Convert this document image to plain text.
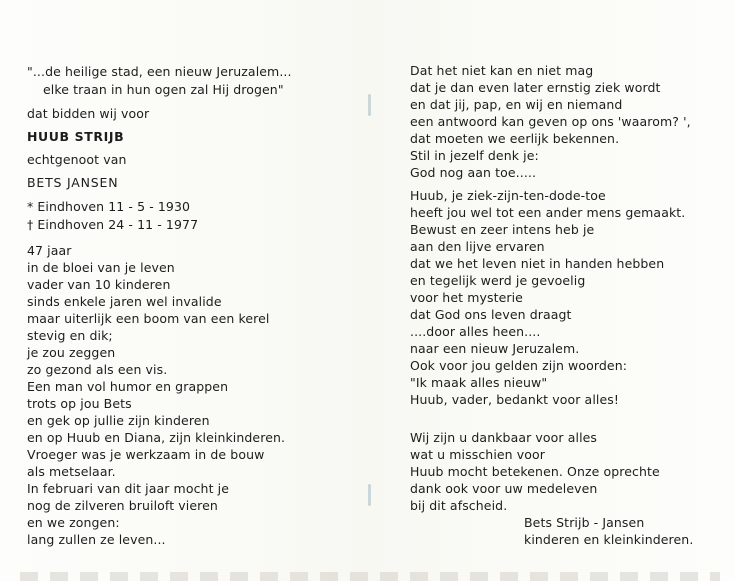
"...de heilige stad, een nieuw Jeruzalem...
elke traan in hun ogen zal Hij drogen"
dat bidden wij voor
HUUB STRIJB
echtgenoot van
BETS JANSEN
* Eindhoven 11 - 5 - 1930
† Eindhoven 24 - 11 - 1977
47 jaar
in de bloei van je leven
vader van 10 kinderen
sinds enkele jaren wel invalide
maar uiterlijk een boom van een kerel
stevig en dik;
je zou zeggen
zo gezond als een vis.
Een man vol humor en grappen
trots op jou Bets
en gek op jullie zijn kinderen
en op Huub en Diana, zijn kleinkinderen.
Vroeger was je werkzaam in de bouw
als metselaar.
In februari van dit jaar mocht je
nog de zilveren bruiloft vieren
en we zongen:
lang zullen ze leven...
Dat het niet kan en niet mag
dat je dan even later ernstig ziek wordt
en dat jij, pap, en wij en niemand
een antwoord kan geven op ons 'waarom? ',
dat moeten we eerlijk bekennen.
Stil in jezelf denk je:
God nog aan toe.....
Huub, je ziek-zijn-ten-dode-toe
heeft jou wel tot een ander mens gemaakt.
Bewust en zeer intens heb je
aan den lijve ervaren
dat we het leven niet in handen hebben
en tegelijk werd je gevoelig
voor het mysterie
dat God ons leven draagt
....door alles heen....
naar een nieuw Jeruzalem.
Ook voor jou gelden zijn woorden:
"Ik maak alles nieuw"
Huub, vader, bedankt voor alles!
Wij zijn u dankbaar voor alles
wat u misschien voor
Huub mocht betekenen. Onze oprechte
dank ook voor uw medeleven
bij dit afscheid.
Bets Strijb - Jansen
kinderen en kleinkinderen.
